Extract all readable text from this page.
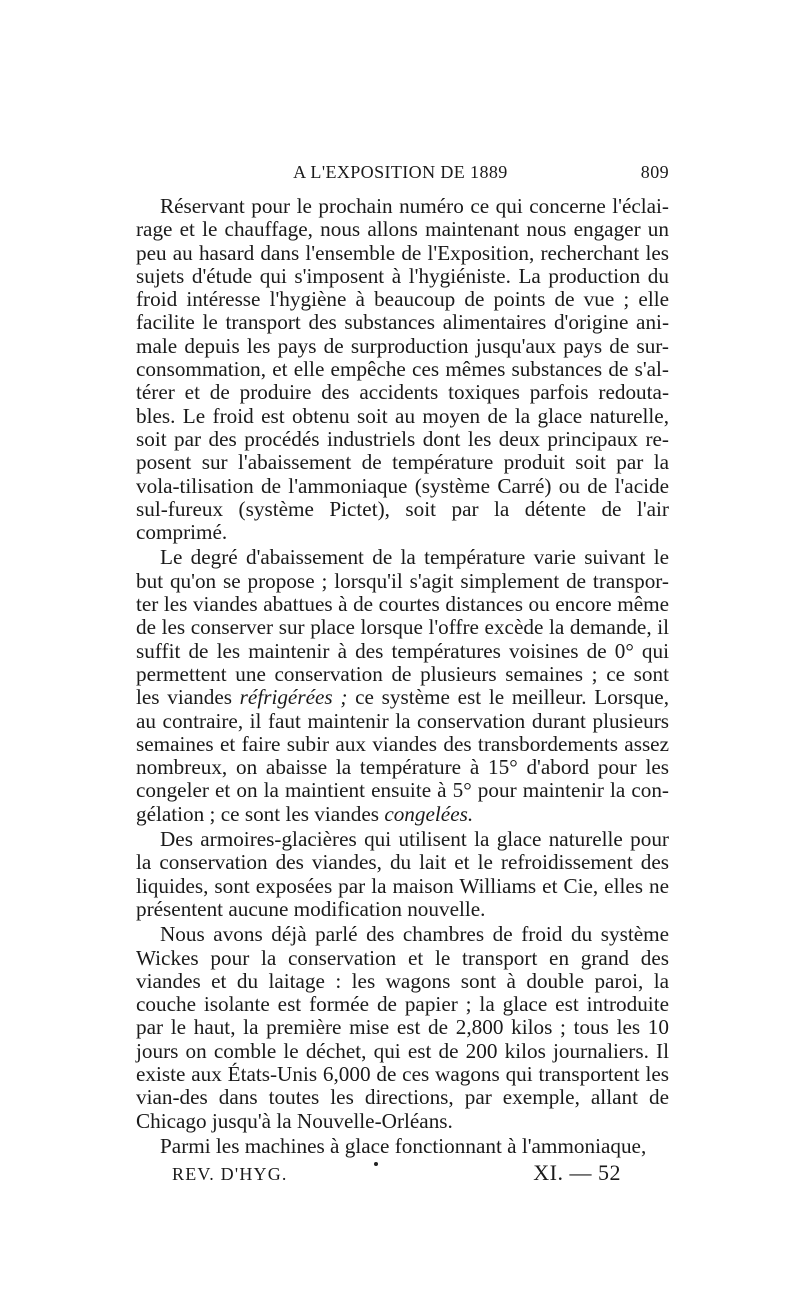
A L'EXPOSITION DE 1889	809

Réservant pour le prochain numéro ce qui concerne l'éclai-rage et le chauffage, nous allons maintenant nous engager un peu au hasard dans l'ensemble de l'Exposition, recherchant les sujets d'étude qui s'imposent à l'hygiéniste. La production du froid intéresse l'hygiène à beaucoup de points de vue ; elle facilite le transport des substances alimentaires d'origine ani-male depuis les pays de surproduction jusqu'aux pays de sur-consommation, et elle empêche ces mêmes substances de s'al-térer et de produire des accidents toxiques parfois redouta-bles. Le froid est obtenu soit au moyen de la glace naturelle, soit par des procédés industriels dont les deux principaux re-posent sur l'abaissement de température produit soit par la vola-tilisation de l'ammoniaque (système Carré) ou de l'acide sul-fureux (système Pictet), soit par la détente de l'air comprimé.

Le degré d'abaissement de la température varie suivant le but qu'on se propose ; lorsqu'il s'agit simplement de transpor-ter les viandes abattues à de courtes distances ou encore même de les conserver sur place lorsque l'offre excède la demande, il suffit de les maintenir à des températures voisines de 0° qui permettent une conservation de plusieurs semaines ; ce sont les viandes réfrigérées ; ce système est le meilleur. Lorsque, au contraire, il faut maintenir la conservation durant plusieurs semaines et faire subir aux viandes des transbordements assez nombreux, on abaisse la température à 15° d'abord pour les congeler et on la maintient ensuite à 5° pour maintenir la con-gélation ; ce sont les viandes congelées.

Des armoires-glacières qui utilisent la glace naturelle pour la conservation des viandes, du lait et le refroidissement des liquides, sont exposées par la maison Williams et Cie, elles ne présentent aucune modification nouvelle.

Nous avons déjà parlé des chambres de froid du système Wickes pour la conservation et le transport en grand des viandes et du laitage : les wagons sont à double paroi, la couche isolante est formée de papier ; la glace est introduite par le haut, la première mise est de 2,800 kilos ; tous les 10 jours on comble le déchet, qui est de 200 kilos journaliers. Il existe aux États-Unis 6,000 de ces wagons qui transportent les vian-des dans toutes les directions, par exemple, allant de Chicago jusqu'à la Nouvelle-Orléans.

Parmi les machines à glace fonctionnant à l'ammoniaque,

REV. D'HYG.	XI. — 52
